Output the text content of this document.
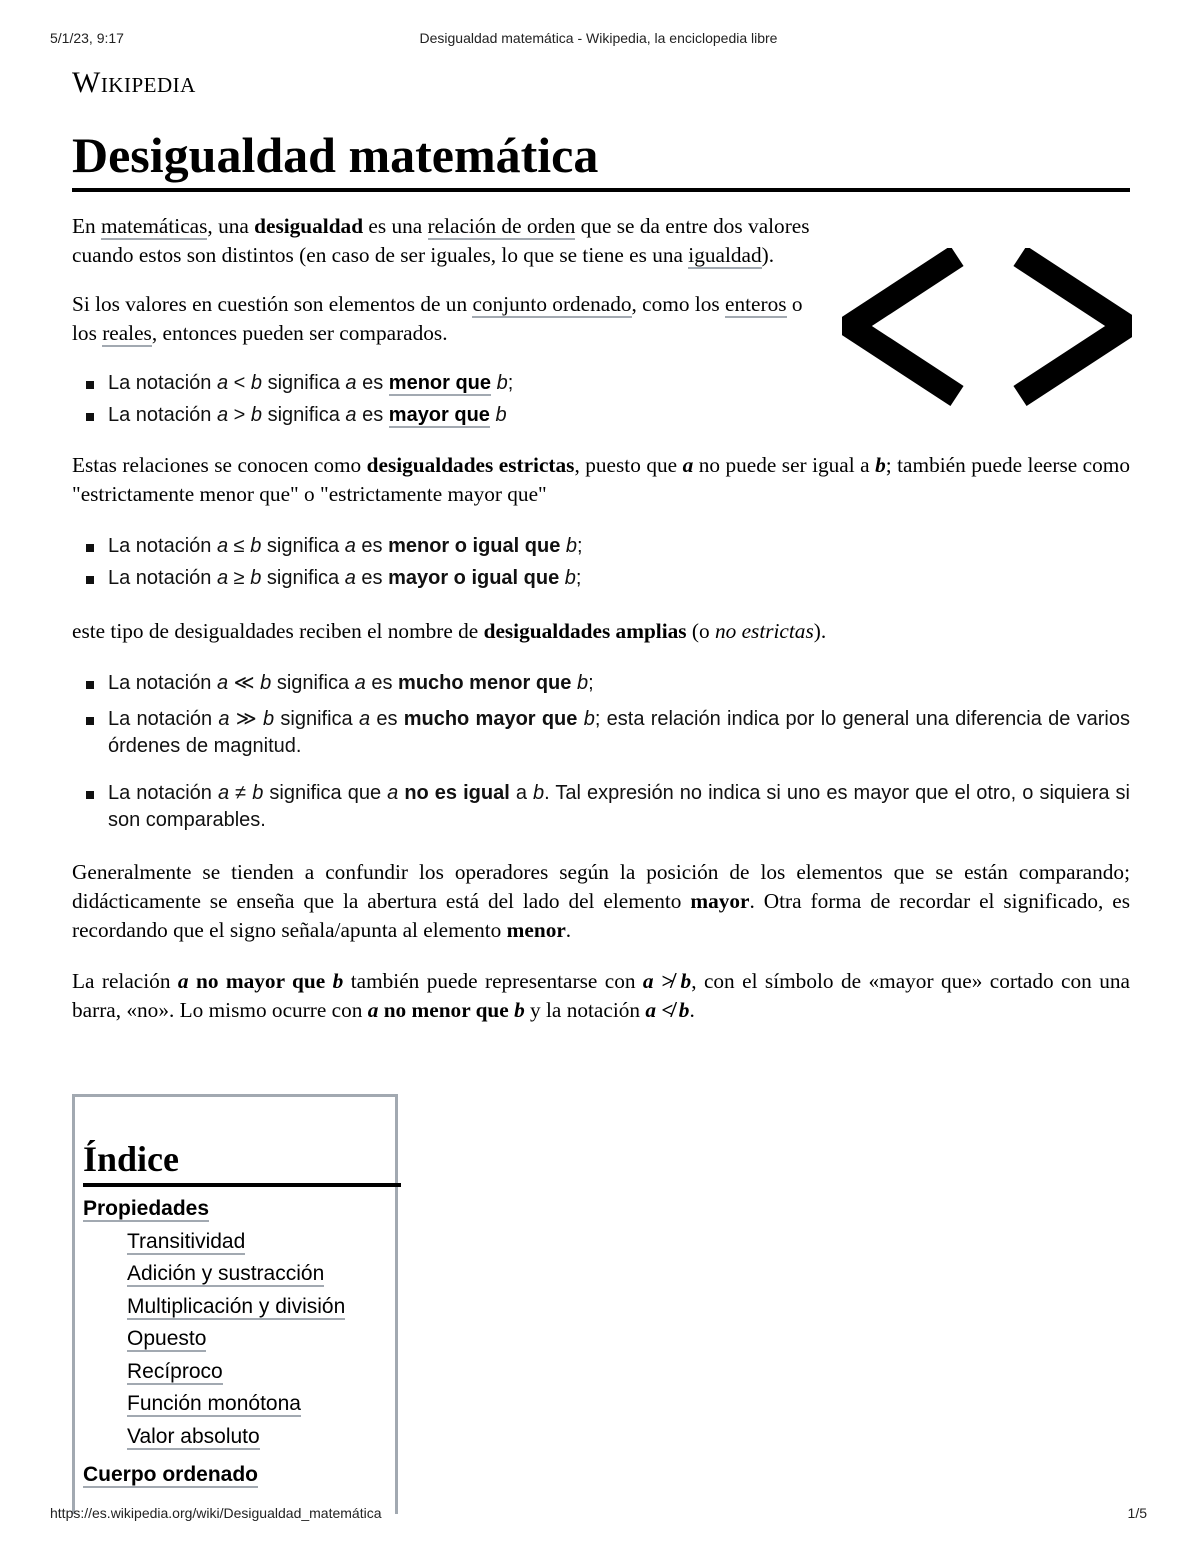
5/1/23, 9:17	Desigualdad matemática - Wikipedia, la enciclopedia libre
Wikipedia
Desigualdad matemática

En matemáticas, una desigualdad es una relación de orden que se da entre dos valores cuando estos son distintos (en caso de ser iguales, lo que se tiene es una igualdad).

Si los valores en cuestión son elementos de un conjunto ordenado, como los enteros o los reales, entonces pueden ser comparados.

La notación a < b significa a es menor que b;
La notación a > b significa a es mayor que b

Estas relaciones se conocen como desigualdades estrictas, puesto que a no puede ser igual a b; también puede leerse como "estrictamente menor que" o "estrictamente mayor que"

La notación a ≤ b significa a es menor o igual que b;
La notación a ≥ b significa a es mayor o igual que b;

este tipo de desigualdades reciben el nombre de desigualdades amplias (o no estrictas).

La notación a ≪ b significa a es mucho menor que b;
La notación a ≫ b significa a es mucho mayor que b; esta relación indica por lo general una diferencia de varios órdenes de magnitud.
La notación a ≠ b significa que a no es igual a b. Tal expresión no indica si uno es mayor que el otro, o siquiera si son comparables.

Generalmente se tienden a confundir los operadores según la posición de los elementos que se están comparando; didácticamente se enseña que la abertura está del lado del elemento mayor. Otra forma de recordar el significado, es recordando que el signo señala/apunta al elemento menor.

La relación a no mayor que b también puede representarse con a ≯ b, con el símbolo de «mayor que» cortado con una barra, «no». Lo mismo ocurre con a no menor que b y la notación a ≮ b.

Índice
Propiedades
Transitividad
Adición y sustracción
Multiplicación y división
Opuesto
Recíproco
Función monótona
Valor absoluto
Cuerpo ordenado
https://es.wikipedia.org/wiki/Desigualdad_matemática	1/5
